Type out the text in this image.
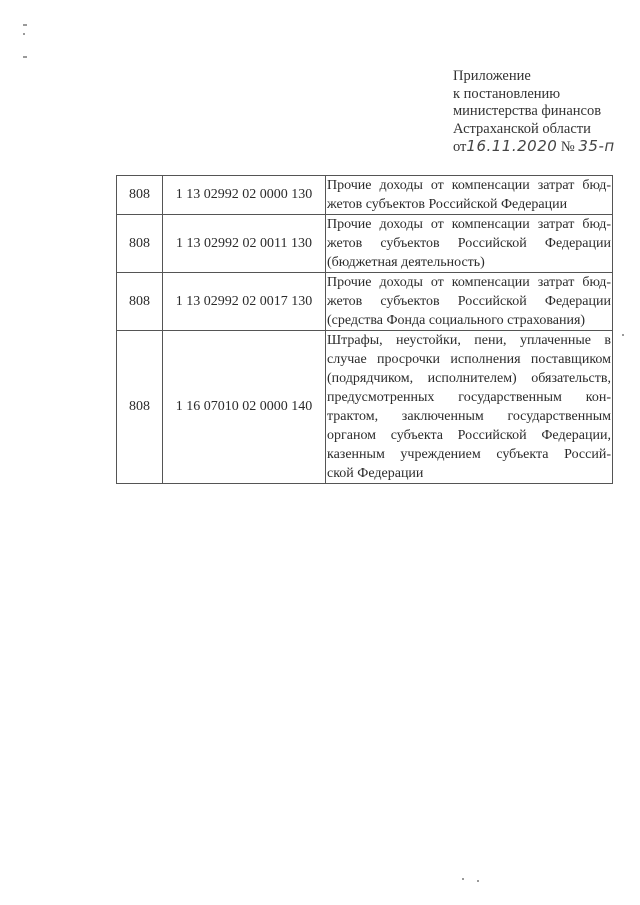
Приложение
к постановлению
министерства финансов
Астраханской области
от16.11.2020 № 35-п
808	1 13 02992 02 0000 130	Прочие доходы от компенсации затрат бюд-
жетов субъектов Российской Федерации

808	1 13 02992 02 0011 130	Прочие доходы от компенсации затрат бюд-
жетов субъектов Российской Федерации
(бюджетная деятельность)

808	1 13 02992 02 0017 130	Прочие доходы от компенсации затрат бюд-
жетов субъектов Российской Федерации
(средства Фонда социального страхования)

808	1 16 07010 02 0000 140	
Штрафы, неустойки, пени, уплаченные в
случае просрочки исполнения поставщиком
(подрядчиком, исполнителем) обязательств,
предусмотренных государственным кон-
трактом, заключенным государственным
органом субъекта Российской Федерации,
казенным учреждением субъекта Россий-
ской Федерации
